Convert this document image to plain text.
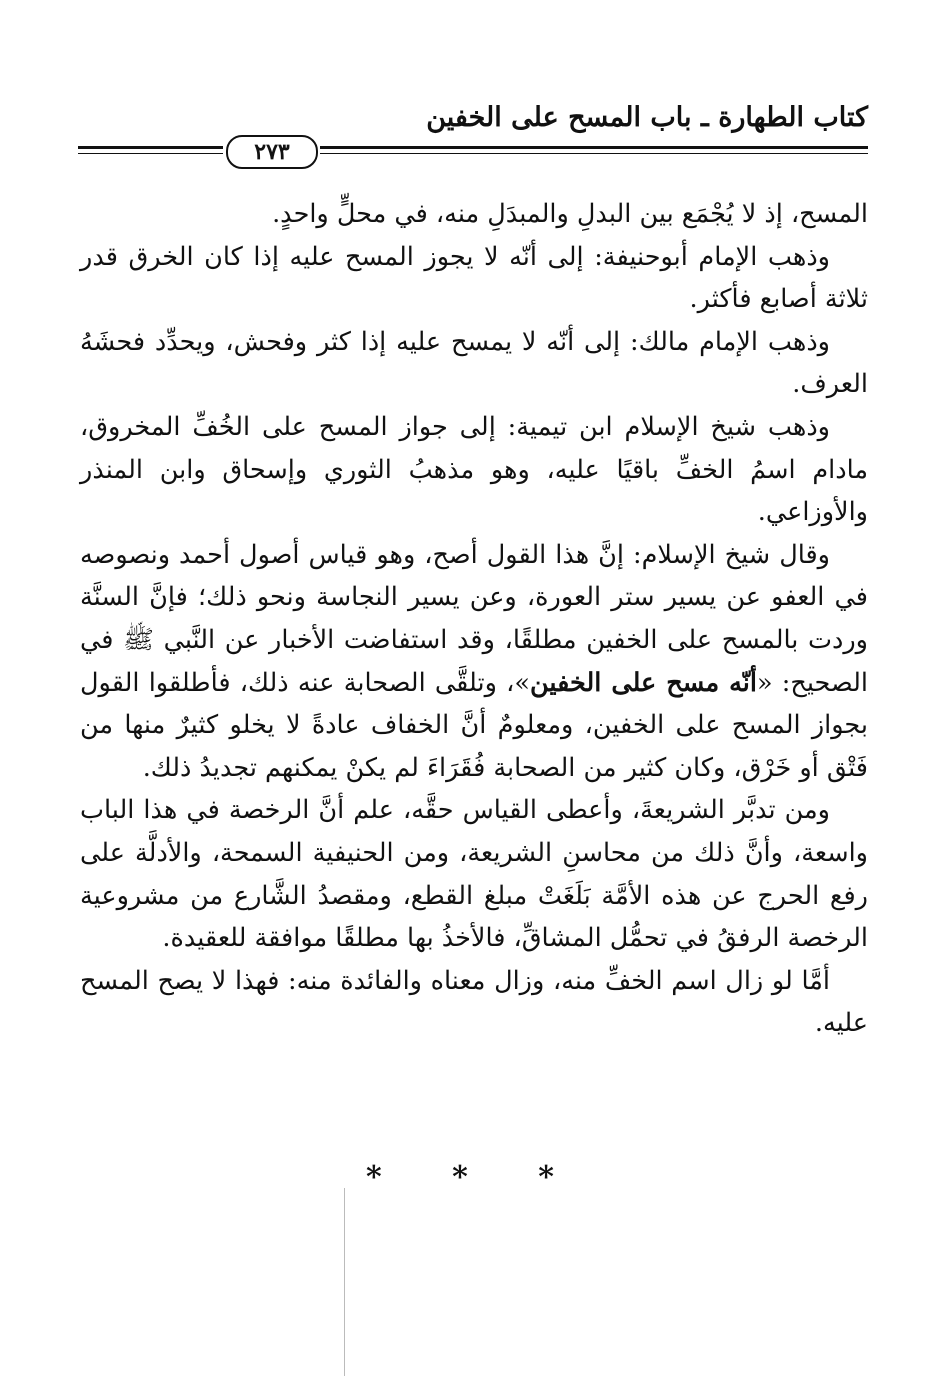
كتاب الطهارة ـ باب المسح على الخفين
٢٧٣

المسح، إذ لا يُجْمَع بين البدلِ والمبدَلِ منه، في محلٍّ واحدٍ.

وذهب الإمام أبوحنيفة: إلى أنّه لا يجوز المسح عليه إذا كان الخرق قدر ثلاثة أصابع فأكثر.

وذهب الإمام مالك: إلى أنّه لا يمسح عليه إذا كثر وفحش، ويحدِّد فحشَهُ العرف.

وذهب شيخ الإسلام ابن تيمية: إلى جواز المسح على الخُفِّ المخروق، مادام اسمُ الخفِّ باقيًا عليه، وهو مذهبُ الثوري وإسحاق وابن المنذر والأوزاعي.

وقال شيخ الإسلام: إنَّ هذا القول أصح، وهو قياس أصول أحمد ونصوصه في العفو عن يسير ستر العورة، وعن يسير النجاسة ونحو ذلك؛ فإنَّ السنَّة وردت بالمسح على الخفين مطلقًا، وقد استفاضت الأخبار عن النَّبي ﷺ في الصحيح: «أنّه مسح على الخفين»، وتلقَّى الصحابة عنه ذلك، فأطلقوا القول بجواز المسح على الخفين، ومعلومٌ أنَّ الخفاف عادةً لا يخلو كثيرٌ منها من فَتْق أو خَرْق، وكان كثير من الصحابة فُقَرَاءَ لم يكنْ يمكنهم تجديدُ ذلك.

ومن تدبَّر الشريعةَ، وأعطى القياس حقَّه، علم أنَّ الرخصة في هذا الباب واسعة، وأنَّ ذلك من محاسنِ الشريعة، ومن الحنيفية السمحة، والأدلَّة على رفع الحرج عن هذه الأمَّة بَلَغَتْ مبلغ القطع، ومقصدُ الشَّارع من مشروعية الرخصة الرفقُ في تحمُّل المشاقِّ، فالأخذُ بها مطلقًا موافقة للعقيدة.

أمَّا لو زال اسم الخفِّ منه، وزال معناه والفائدة منه: فهذا لا يصح المسح عليه.

* * *
